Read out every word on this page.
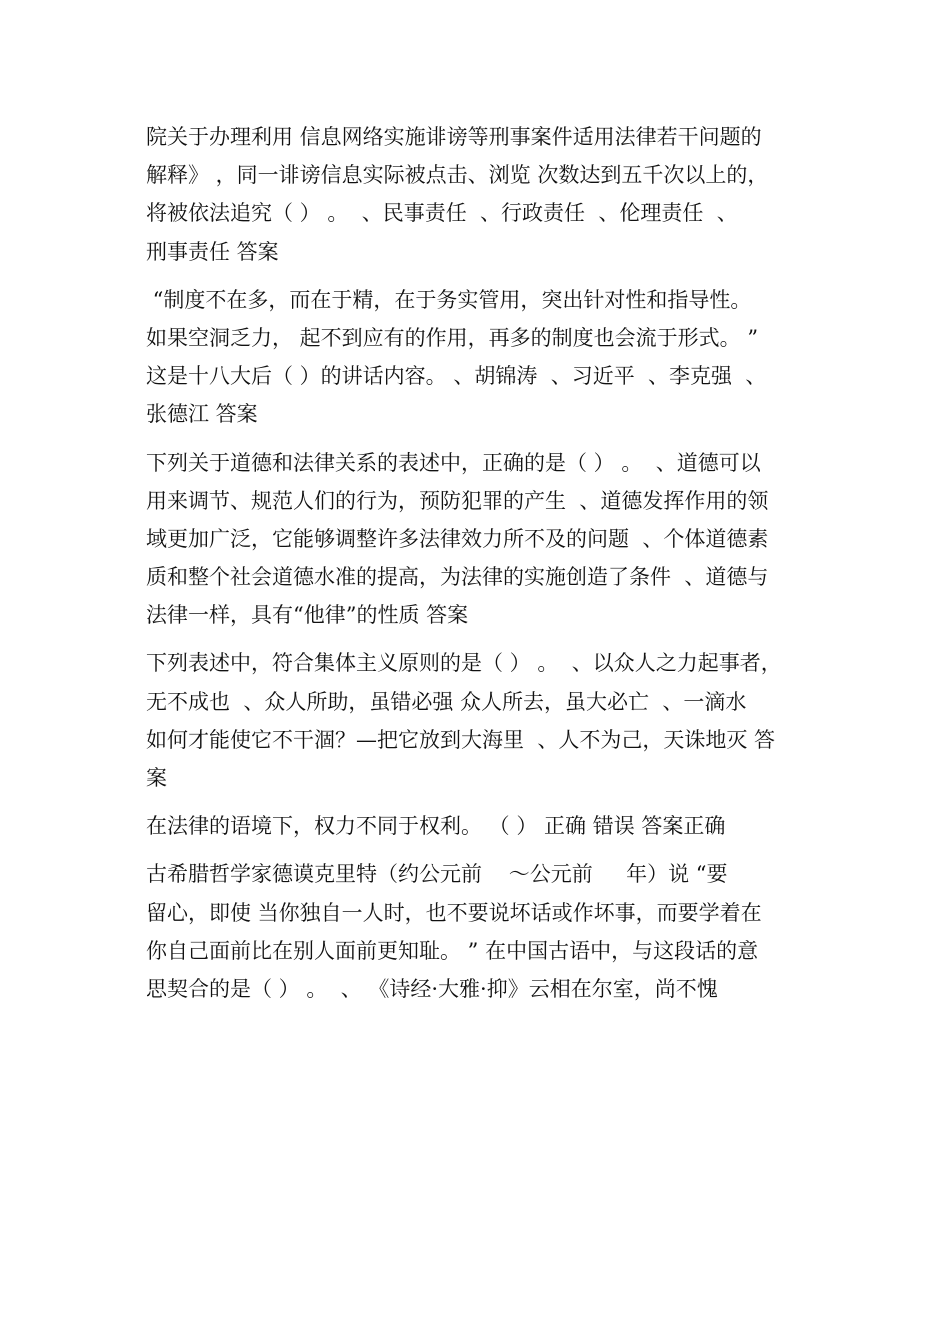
院关于办理利用 信息网络实施诽谤等刑事案件适用法律若干问题的
解释》 ，同一诽谤信息实际被点击、浏览 次数达到五千次以上的，
将被依法追究（ ） 。  、民事责任  、行政责任  、伦理责任  、
刑事责任 答案
“制度不在多，而在于精，在于务实管用，突出针对性和指导性。
如果空洞乏力， 起不到应有的作用，再多的制度也会流于形式。 ”
这是十八大后（ ）的讲话内容。 、胡锦涛  、习近平  、李克强  、
张德江 答案
下列关于道德和法律关系的表述中，正确的是（ ） 。  、道德可以
用来调节、规范人们的行为，预防犯罪的产生  、道德发挥作用的领
域更加广泛，它能够调整许多法律效力所不及的问题  、个体道德素
质和整个社会道德水准的提高，为法律的实施创造了条件  、道德与
法律一样，具有“他律”的性质 答案
下列表述中，符合集体主义原则的是（ ） 。  、以众人之力起事者，
无不成也  、众人所助，虽错必强 众人所去，虽大必亡  、一滴水
如何才能使它不干涸？—把它放到大海里  、人不为己，天诛地灭 答
案
在法律的语境下，权力不同于权利。 （ ） 正确 错误 答案正确
古希腊哲学家德谟克里特（约公元前    ～公元前     年）说 “要
留心，即使 当你独自一人时，也不要说坏话或作坏事，而要学着在
你自己面前比在别人面前更知耻。 ” 在中国古语中，与这段话的意
思契合的是（ ） 。  、 《诗经·大雅·抑》云相在尔室，尚不愧
